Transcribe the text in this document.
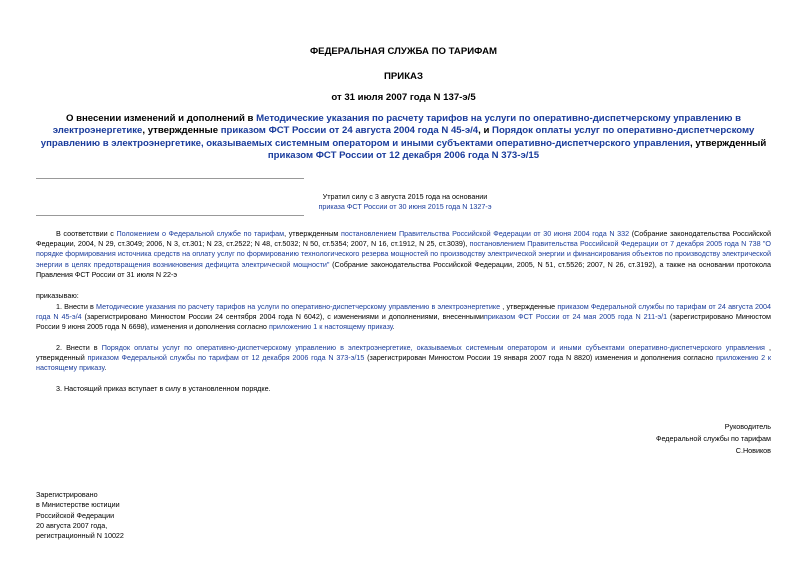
ФЕДЕРАЛЬНАЯ СЛУЖБА ПО ТАРИФАМ
ПРИКАЗ
от 31 июля 2007 года N 137-э/5
О внесении изменений и дополнений в Методические указания по расчету тарифов на услуги по оперативно-диспетчерскому управлению в электроэнергетике, утвержденные приказом ФСТ России от 24 августа 2004 года N 45-э/4, и Порядок оплаты услуг по оперативно-диспетчерскому управлению в электроэнергетике, оказываемых системным оператором и иными субъектами оперативно-диспетчерского управления, утвержденный приказом ФСТ России от 12 декабря 2006 года N 373-э/15
Утратил силу с 3 августа 2015 года на основании
приказа ФСТ России от 30 июня 2015 года N 1327-э
В соответствии с Положением о Федеральной службе по тарифам, утвержденным постановлением Правительства Российской Федерации от 30 июня 2004 года N 332 (Собрание законодательства Российской Федерации, 2004, N 29, ст.3049; 2006, N 3, ст.301; N 23, ст.2522; N 48, ст.5032; N 50, ст.5354; 2007, N 16, ст.1912, N 25, ст.3039), постановлением Правительства Российской Федерации от 7 декабря 2005 года N 738 "О порядке формирования источника средств на оплату услуг по формированию технологического резерва мощностей по производству электрической энергии и финансирования объектов по производству электрической энергии в целях предотвращения возникновения дефицита электрической мощности" (Собрание законодательства Российской Федерации, 2005, N 51, ст.5526; 2007, N 26, ст.3192), а также на основании протокола Правления ФСТ России от 31 июля N 22-э
приказываю:
1. Внести в Методические указания по расчету тарифов на услуги по оперативно-диспетчерскому управлению в электроэнергетике , утвержденные приказом Федеральной службы по тарифам от 24 августа 2004 года N 45-э/4 (зарегистрировано Минюстом России 24 сентября 2004 года N 6042), с изменениями и дополнениями, внесеннымиприказом ФСТ России от 24 мая 2005 года N 211-э/1 (зарегистрировано Минюстом России 9 июня 2005 года N 6698), изменения и дополнения согласно приложению 1 к настоящему приказу.
2. Внести в Порядок оплаты услуг по оперативно-диспетчерскому управлению в электроэнергетике, оказываемых системным оператором и иными субъектами оперативно-диспетчерского управления , утвержденный приказом Федеральной службы по тарифам от 12 декабря 2006 года N 373-э/15 (зарегистрирован Минюстом России 19 января 2007 года N 8820) изменения и дополнения согласно приложению 2 к настоящему приказу.
3. Настоящий приказ вступает в силу в установленном порядке.
Руководитель
Федеральной службы по тарифам
С.Новиков
Зарегистрировано
в Министерстве юстиции
Российской Федерации
20 августа 2007 года,
регистрационный N 10022
